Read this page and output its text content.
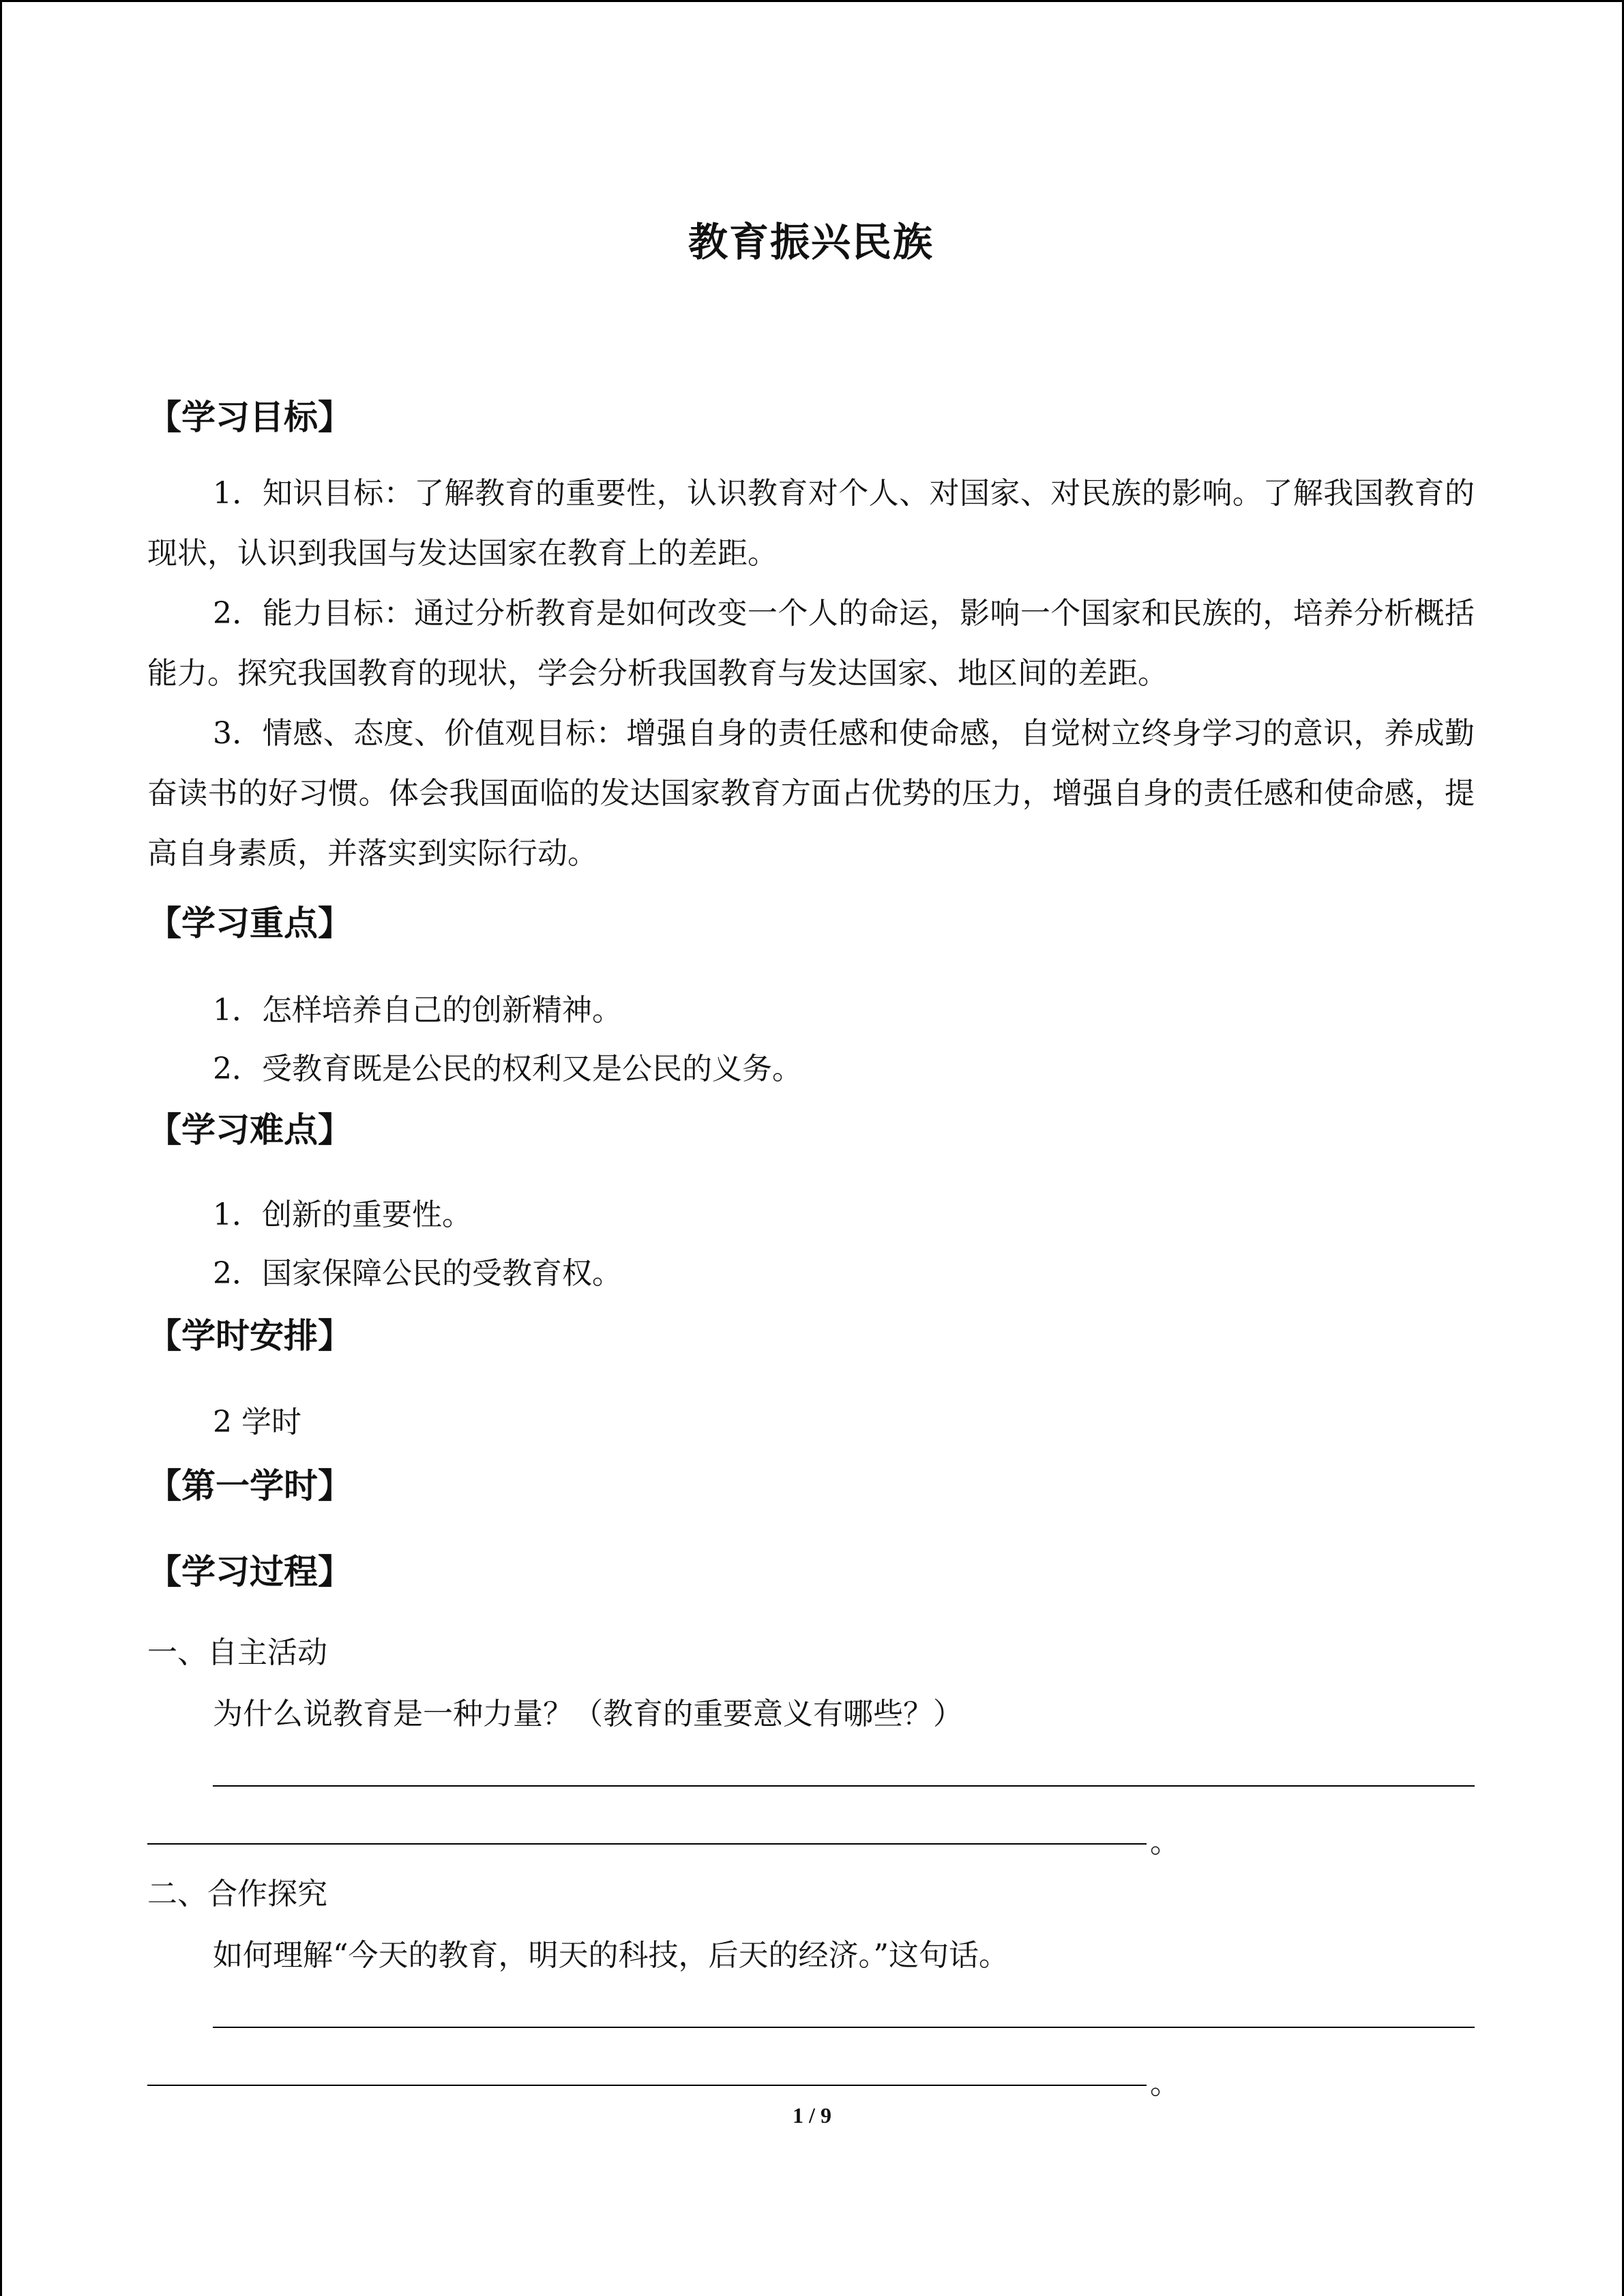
教育振兴民族
【学习目标】
1．知识目标：了解教育的重要性，认识教育对个人、对国家、对民族的影响。了解我国教育的现状，认识到我国与发达国家在教育上的差距。
2．能力目标：通过分析教育是如何改变一个人的命运，影响一个国家和民族的，培养分析概括能力。探究我国教育的现状，学会分析我国教育与发达国家、地区间的差距。
3．情感、态度、价值观目标：增强自身的责任感和使命感，自觉树立终身学习的意识，养成勤奋读书的好习惯。体会我国面临的发达国家教育方面占优势的压力，增强自身的责任感和使命感，提高自身素质，并落实到实际行动。
【学习重点】
1．怎样培养自己的创新精神。
2．受教育既是公民的权利又是公民的义务。
【学习难点】
1．创新的重要性。
2．国家保障公民的受教育权。
【学时安排】
2 学时
【第一学时】
【学习过程】
一、自主活动
为什么说教育是一种力量？（教育的重要意义有哪些？）
。
二、合作探究
如何理解“今天的教育，明天的科技，后天的经济。”这句话。
。
1 / 9
